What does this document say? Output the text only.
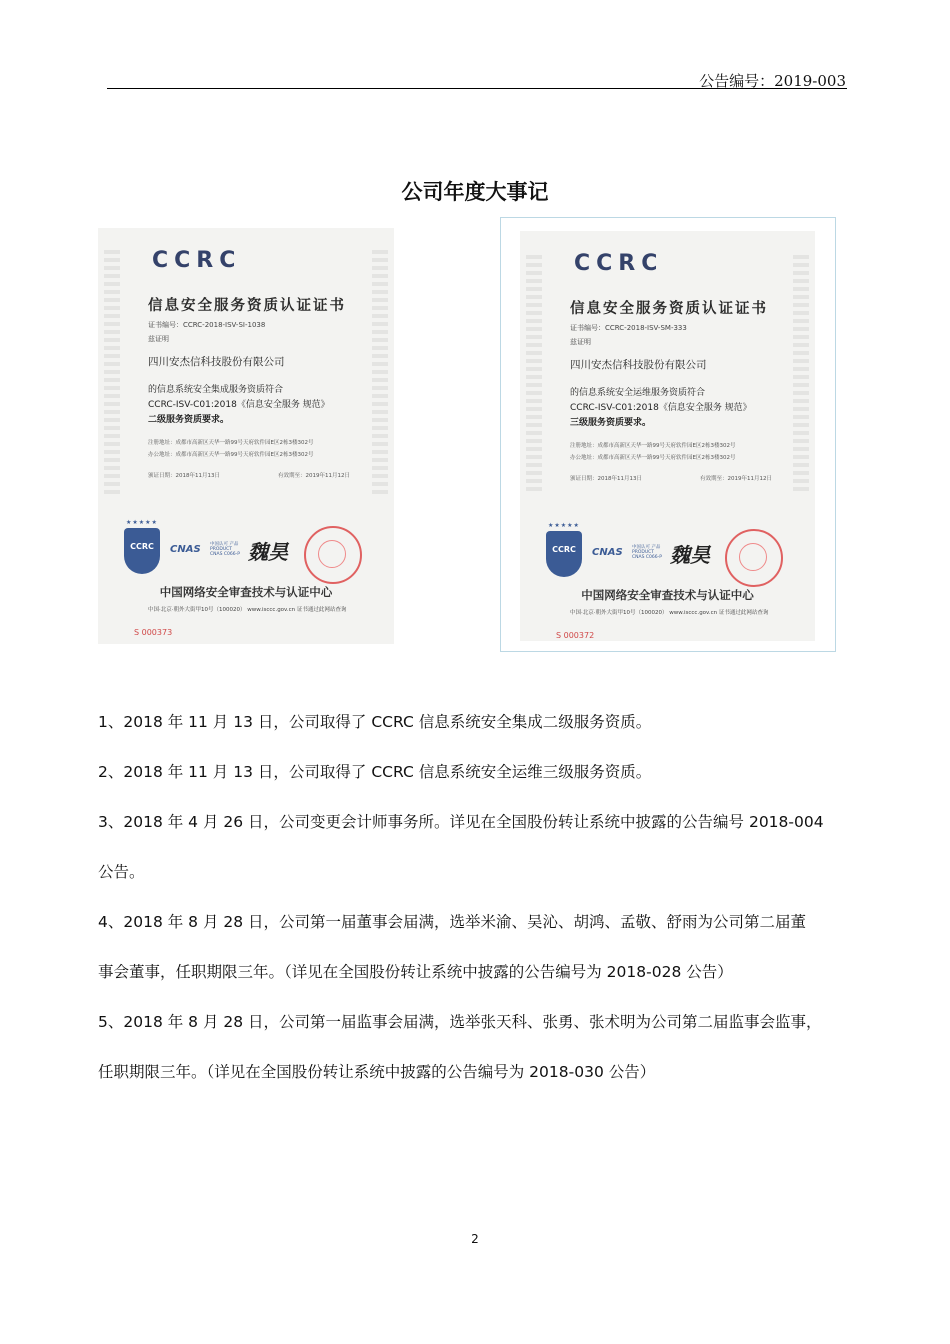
公告编号：2019-003
公司年度大事记
CCRC
信息安全服务资质认证证书
证书编号：CCRC-2018-ISV-SI-1038
兹证明
四川安杰信科技股份有限公司
的信息系统安全集成服务资质符合
CCRC-ISV-C01:2018《信息安全服务 规范》
二级服务资质要求。
注册地址：成都市高新区天华一路99号天府软件园E区2栋3楼302号
办公地址：成都市高新区天华一路99号天府软件园E区2栋3楼302号
颁证日期：2018年11月13日	有效期至：2019年11月12日
★★★★★
CCRC	CNAS 中国认可 产品 PRODUCT CNAS C066-P 魏昊
中国网络安全审查技术与认证中心
中国·北京·朝外大街甲10号（100020） www.isccc.gov.cn 证书通过此网站查询
S 000373
CCRC
信息安全服务资质认证证书
证书编号：CCRC-2018-ISV-SM-333
兹证明
四川安杰信科技股份有限公司
的信息系统安全运维服务资质符合
CCRC-ISV-C01:2018《信息安全服务 规范》
三级服务资质要求。
注册地址：成都市高新区天华一路99号天府软件园E区2栋3楼302号
办公地址：成都市高新区天华一路99号天府软件园E区2栋3楼302号
颁证日期：2018年11月13日	有效期至：2019年11月12日
★★★★★
CCRC	CNAS 中国认可 产品 PRODUCT CNAS C066-P 魏昊
中国网络安全审查技术与认证中心
中国·北京·朝外大街甲10号（100020） www.isccc.gov.cn 证书通过此网站查询
S 000372
1、2018 年 11 月 13 日，公司取得了 CCRC 信息系统安全集成二级服务资质。
2、2018 年 11 月 13 日，公司取得了 CCRC 信息系统安全运维三级服务资质。
3、2018 年 4 月 26 日，公司变更会计师事务所。详见在全国股份转让系统中披露的公告编号 2018-004
公告。
4、2018 年 8 月 28 日，公司第一届董事会届满，选举米渝、吴沁、胡鸿、孟敬、舒雨为公司第二届董
事会董事，任职期限三年。（详见在全国股份转让系统中披露的公告编号为 2018-028 公告）
5、2018 年 8 月 28 日，公司第一届监事会届满，选举张天科、张勇、张术明为公司第二届监事会监事，
任职期限三年。（详见在全国股份转让系统中披露的公告编号为 2018-030 公告）
2
